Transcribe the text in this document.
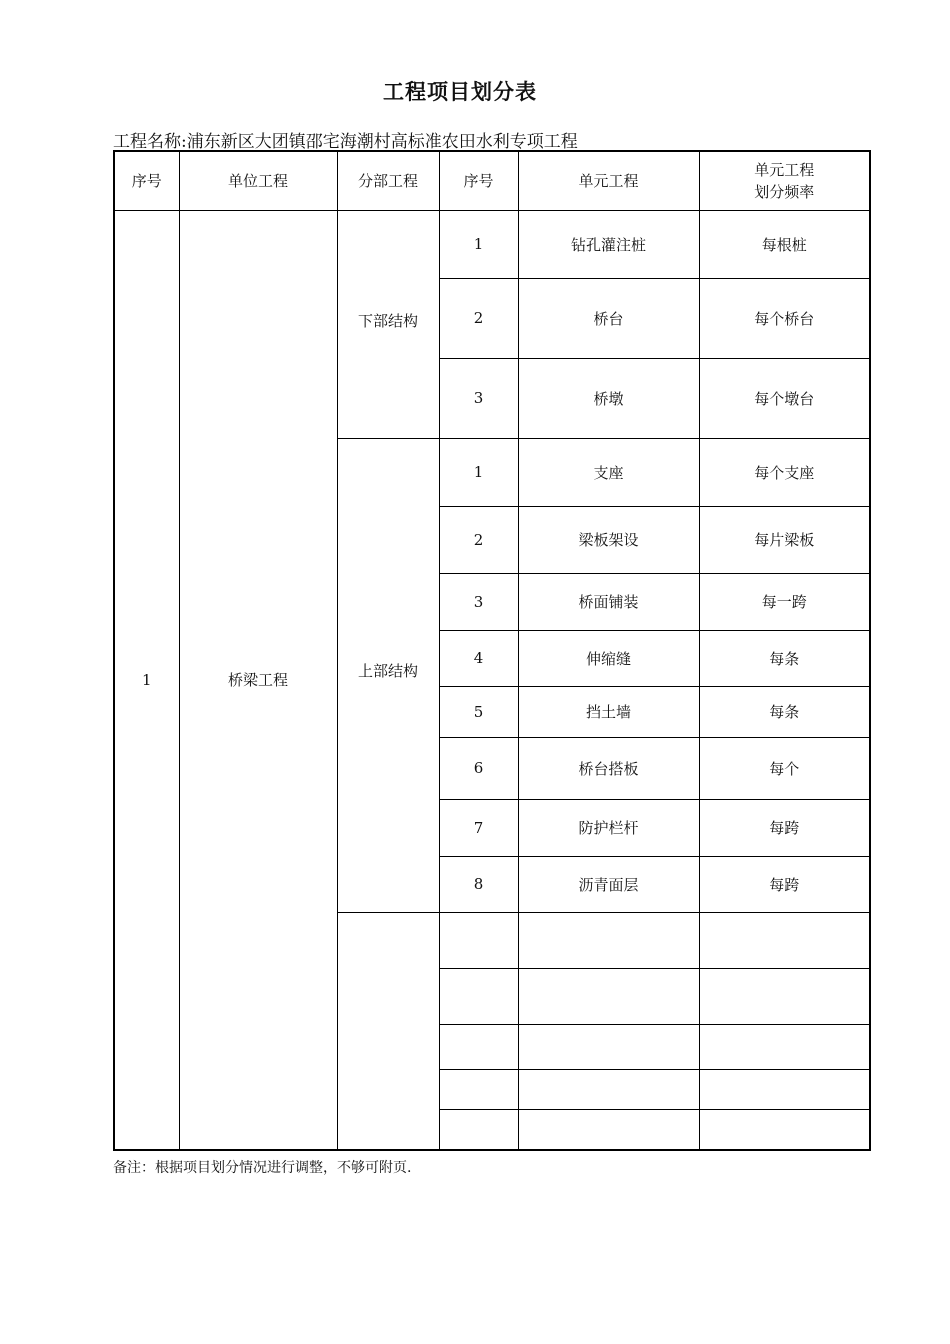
工程项目划分表
工程名称:浦东新区大团镇邵宅海潮村高标准农田水利专项工程
序号	单位工程	分部工程	序号	单元工程	单元工程
划分频率

1	桥梁工程	下部结构	1	钻孔灌注桩	每根桩
			2	桥台	每个桥台
			3	桥墩	每个墩台
		上部结构	1	支座	每个支座
			2	梁板架设	每片梁板
			3	桥面铺装	每一跨
			4	伸缩缝	每条
			5	挡土墙	每条
			6	桥台搭板	每个
			7	防护栏杆	每跨
			8	沥青面层	每跨

备注：根据项目划分情况进行调整，不够可附页.
